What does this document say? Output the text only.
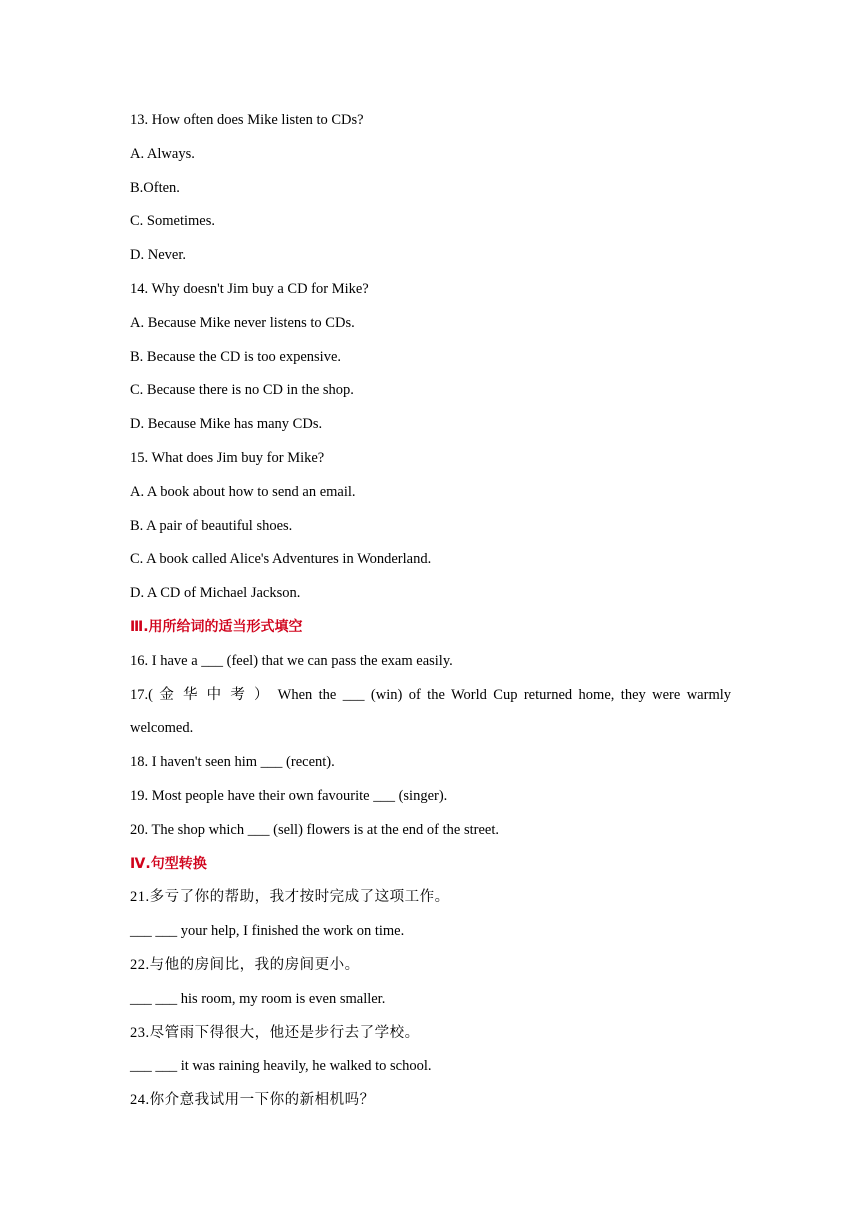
13. How often does Mike listen to CDs?
A. Always.
B.Often.
C. Sometimes.
D. Never.
14. Why doesn't Jim buy a CD for Mike?
A. Because Mike never listens to CDs.
B. Because the CD is too expensive.
C. Because there is no CD in the shop.
D. Because Mike has many CDs.
15. What does Jim buy for Mike?
A. A book about how to send an email.
B. A pair of beautiful shoes.
C. A book called Alice's Adventures in Wonderland.
D. A CD of Michael Jackson.
Ⅲ.用所给词的适当形式填空
16. I have a ___ (feel) that we can pass the exam easily.
17.( 金 华 中 考 ） When the ___ (win) of the World Cup returned home, they were warmly
welcomed.
18. I haven't seen him ___ (recent).
19. Most people have their own favourite ___ (singer).
20. The shop which ___ (sell) flowers is at the end of the street.
Ⅳ.句型转换
21.多亏了你的帮助，我才按时完成了这项工作。
___ ___ your help, I finished the work on time.
22.与他的房间比，我的房间更小。
___ ___ his room, my room is even smaller.
23.尽管雨下得很大，他还是步行去了学校。
___ ___ it was raining heavily, he walked to school.
24.你介意我试用一下你的新相机吗？
